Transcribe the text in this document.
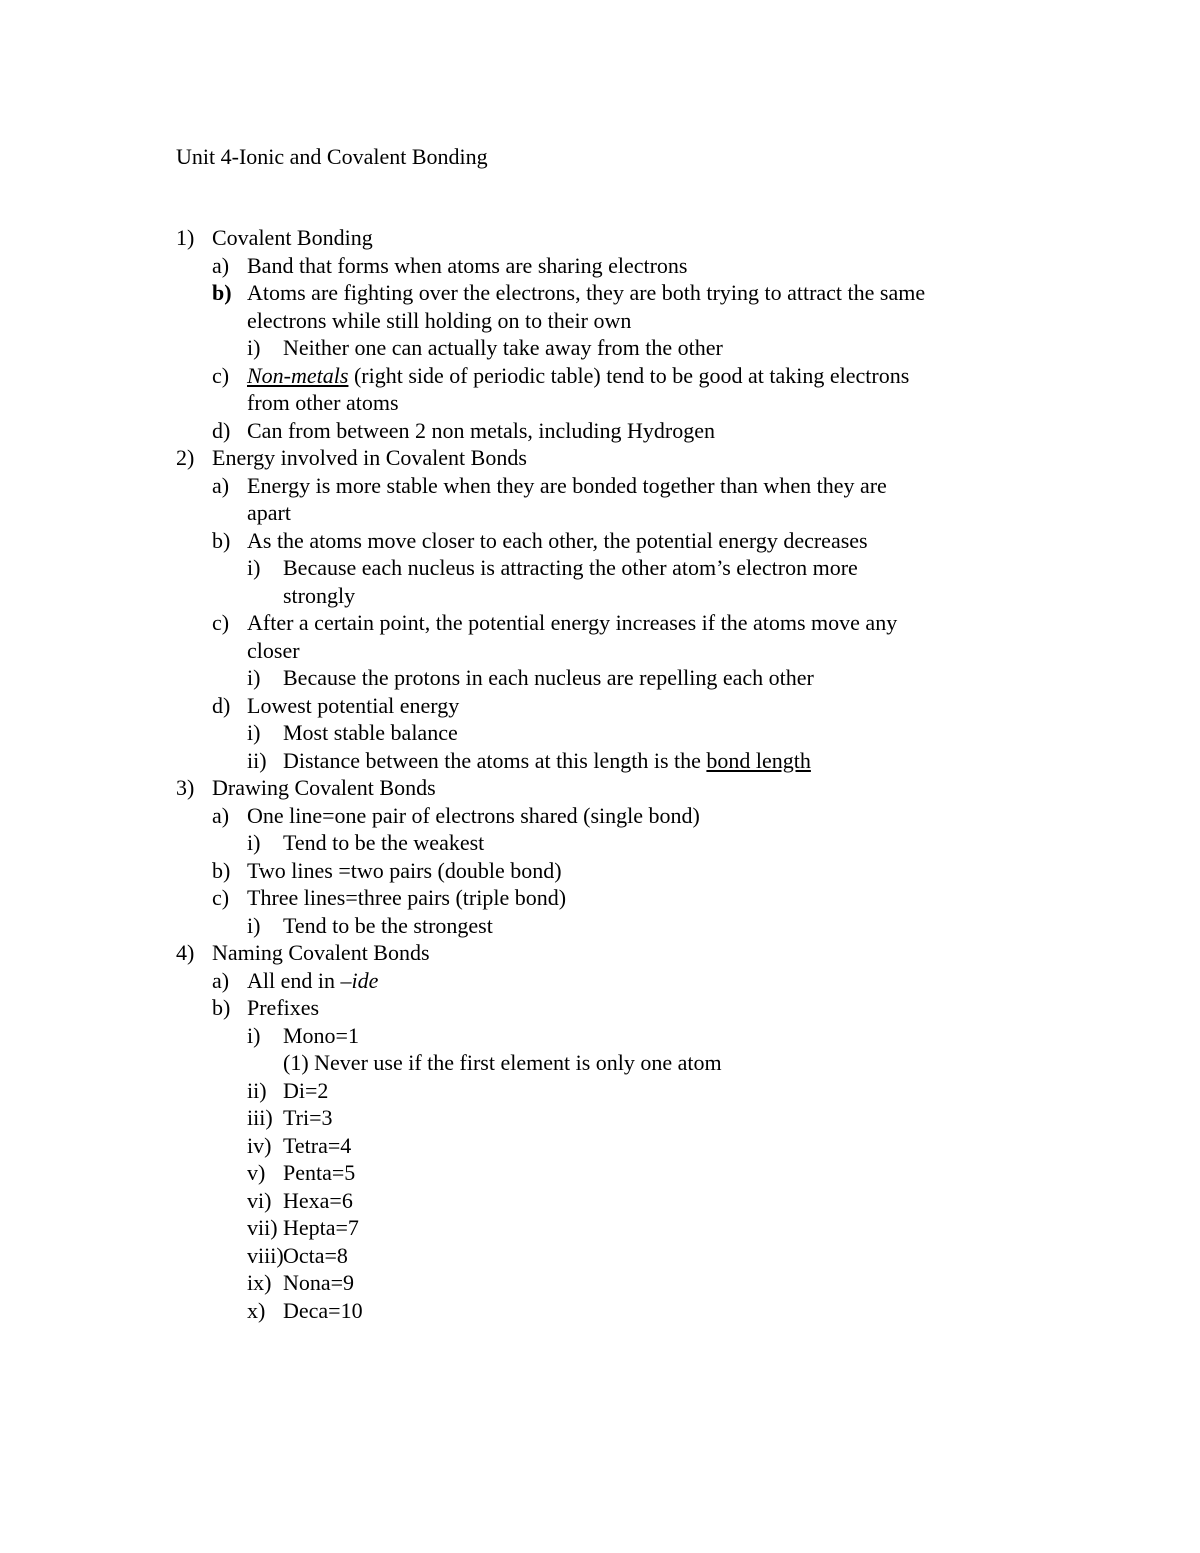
Unit 4-Ionic and Covalent Bonding
1) Covalent Bonding
a) Band that forms when atoms are sharing electrons
b) Atoms are fighting over the electrons, they are both trying to attract the same
electrons while still holding on to their own
i) Neither one can actually take away from the other
c) Non-metals (right side of periodic table) tend to be good at taking electrons
from other atoms
d) Can from between 2 non metals, including Hydrogen
2) Energy involved in Covalent Bonds
a) Energy is more stable when they are bonded together than when they are
apart
b) As the atoms move closer to each other, the potential energy decreases
i) Because each nucleus is attracting the other atom’s electron more
strongly
c) After a certain point, the potential energy increases if the atoms move any
closer
i) Because the protons in each nucleus are repelling each other
d) Lowest potential energy
i) Most stable balance
ii) Distance between the atoms at this length is the bond length
3) Drawing Covalent Bonds
a) One line=one pair of electrons shared (single bond)
i) Tend to be the weakest
b) Two lines =two pairs (double bond)
c) Three lines=three pairs (triple bond)
i) Tend to be the strongest
4) Naming Covalent Bonds
a) All end in –ide
b) Prefixes
i) Mono=1
(1) Never use if the first element is only one atom
ii) Di=2
iii) Tri=3
iv) Tetra=4
v) Penta=5
vi) Hexa=6
vii) Hepta=7
viii) Octa=8
ix) Nona=9
x) Deca=10
